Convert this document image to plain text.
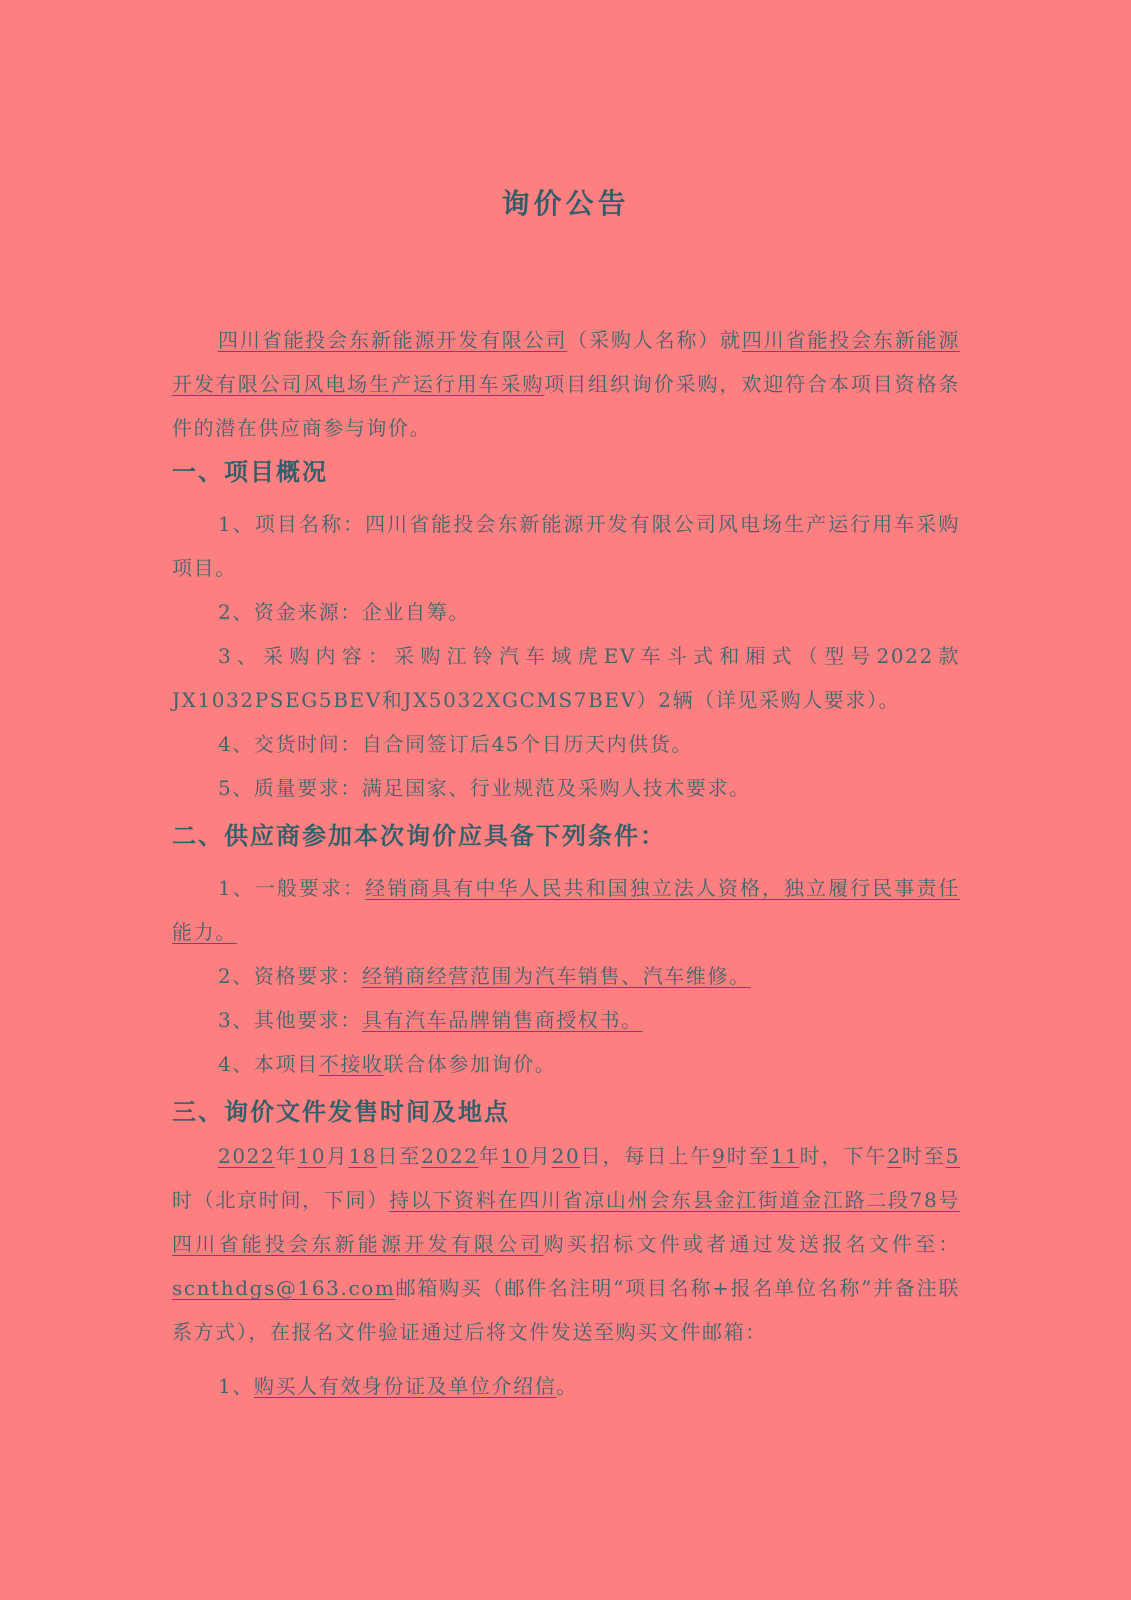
询价公告

四川省能投会东新能源开发有限公司（采购人名称）就四川省能投会东新能源开发有限公司风电场生产运行用车采购项目组织询价采购，欢迎符合本项目资格条件的潜在供应商参与询价。

一、项目概况

1、项目名称：四川省能投会东新能源开发有限公司风电场生产运行用车采购项目。

2、资金来源：企业自筹。

3、采购内容：采购江铃汽车域虎EV车斗式和厢式（型号2022款JX1032PSEG5BEV和JX5032XGCMS7BEV）2辆（详见采购人要求）。

4、交货时间：自合同签订后45个日历天内供货。

5、质量要求：满足国家、行业规范及采购人技术要求。

二、供应商参加本次询价应具备下列条件：

1、一般要求：经销商具有中华人民共和国独立法人资格，独立履行民事责任能力。

2、资格要求：经销商经营范围为汽车销售、汽车维修。

3、其他要求：具有汽车品牌销售商授权书。

4、本项目不接收联合体参加询价。

三、询价文件发售时间及地点

2022年10月18日至2022年10月20日，每日上午9时至11时，下午2时至5时（北京时间，下同）持以下资料在四川省凉山州会东县金江街道金江路二段78号四川省能投会东新能源开发有限公司购买招标文件或者通过发送报名文件至：scnthdgs@163.com邮箱购买（邮件名注明“项目名称+报名单位名称”并备注联系方式），在报名文件验证通过后将文件发送至购买文件邮箱：

1、购买人有效身份证及单位介绍信。
